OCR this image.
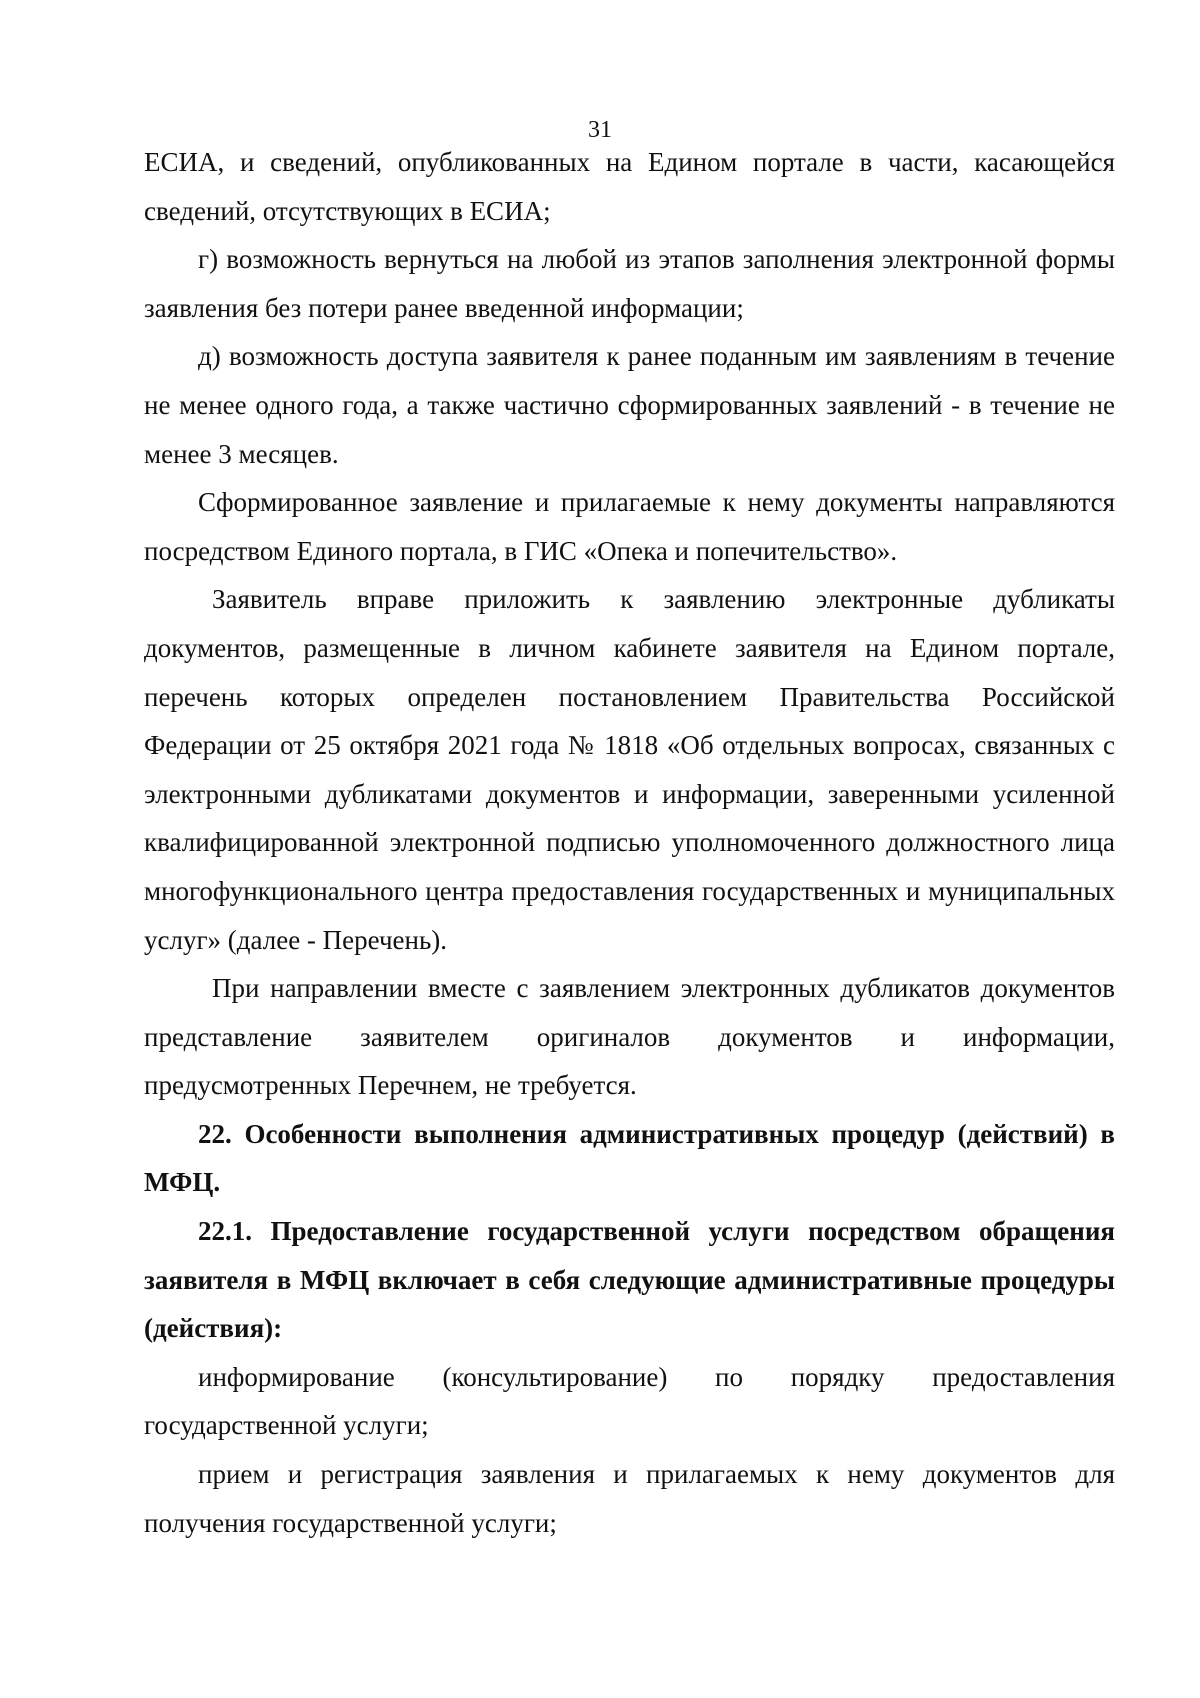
31

ЕСИА, и сведений, опубликованных на Едином портале в части, касающейся сведений, отсутствующих в ЕСИА;

г) возможность вернуться на любой из этапов заполнения электронной формы заявления без потери ранее введенной информации;

д) возможность доступа заявителя к ранее поданным им заявлениям в течение не менее одного года, а также частично сформированных заявлений - в течение не менее 3 месяцев.

Сформированное заявление и прилагаемые к нему документы направляются посредством Единого портала, в ГИС «Опека и попечительство».

Заявитель вправе приложить к заявлению электронные дубликаты документов, размещенные в личном кабинете заявителя на Едином портале, перечень которых определен постановлением Правительства Российской Федерации от 25 октября 2021 года № 1818 «Об отдельных вопросах, связанных с электронными дубликатами документов и информации, заверенными усиленной квалифицированной электронной подписью уполномоченного должностного лица многофункционального центра предоставления государственных и муниципальных услуг» (далее - Перечень).

При направлении вместе с заявлением электронных дубликатов документов представление заявителем оригиналов документов и информации, предусмотренных Перечнем, не требуется.

22. Особенности выполнения административных процедур (действий) в МФЦ.

22.1. Предоставление государственной услуги посредством обращения заявителя в МФЦ включает в себя следующие административные процедуры (действия):

информирование (консультирование) по порядку предоставления государственной услуги;

прием и регистрация заявления и прилагаемых к нему документов для получения государственной услуги;
